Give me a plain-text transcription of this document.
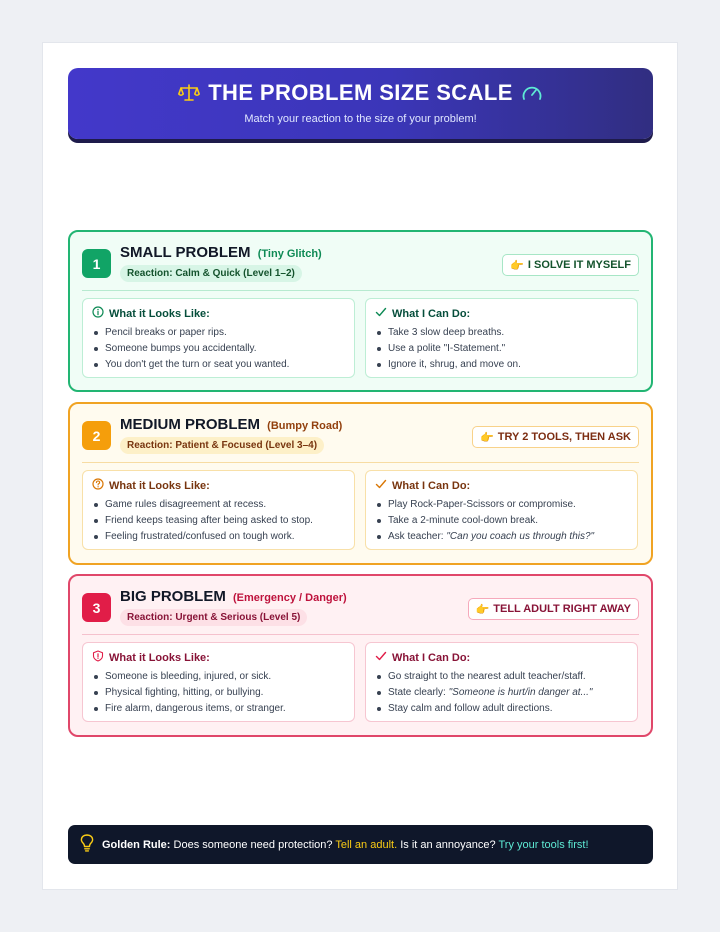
THE PROBLEM SIZE SCALE
Match your reaction to the size of your problem!
1
SMALL PROBLEM (Tiny Glitch)
Reaction: Calm & Quick (Level 1–2)
👉 I SOLVE IT MYSELF
What it Looks Like:
Pencil breaks or paper rips.
Someone bumps you accidentally.
You don't get the turn or seat you wanted.
What I Can Do:
Take 3 slow deep breaths.
Use a polite "I-Statement."
Ignore it, shrug, and move on.
2
MEDIUM PROBLEM (Bumpy Road)
Reaction: Patient & Focused (Level 3–4)
👉 TRY 2 TOOLS, THEN ASK
What it Looks Like:
Game rules disagreement at recess.
Friend keeps teasing after being asked to stop.
Feeling frustrated/confused on tough work.
What I Can Do:
Play Rock-Paper-Scissors or compromise.
Take a 2-minute cool-down break.
Ask teacher: "Can you coach us through this?"
3
BIG PROBLEM (Emergency / Danger)
Reaction: Urgent & Serious (Level 5)
👉 TELL ADULT RIGHT AWAY
What it Looks Like:
Someone is bleeding, injured, or sick.
Physical fighting, hitting, or bullying.
Fire alarm, dangerous items, or stranger.
What I Can Do:
Go straight to the nearest adult teacher/staff.
State clearly: "Someone is hurt/in danger at..."
Stay calm and follow adult directions.
Golden Rule: Does someone need protection? Tell an adult. Is it an annoyance? Try your tools first!
